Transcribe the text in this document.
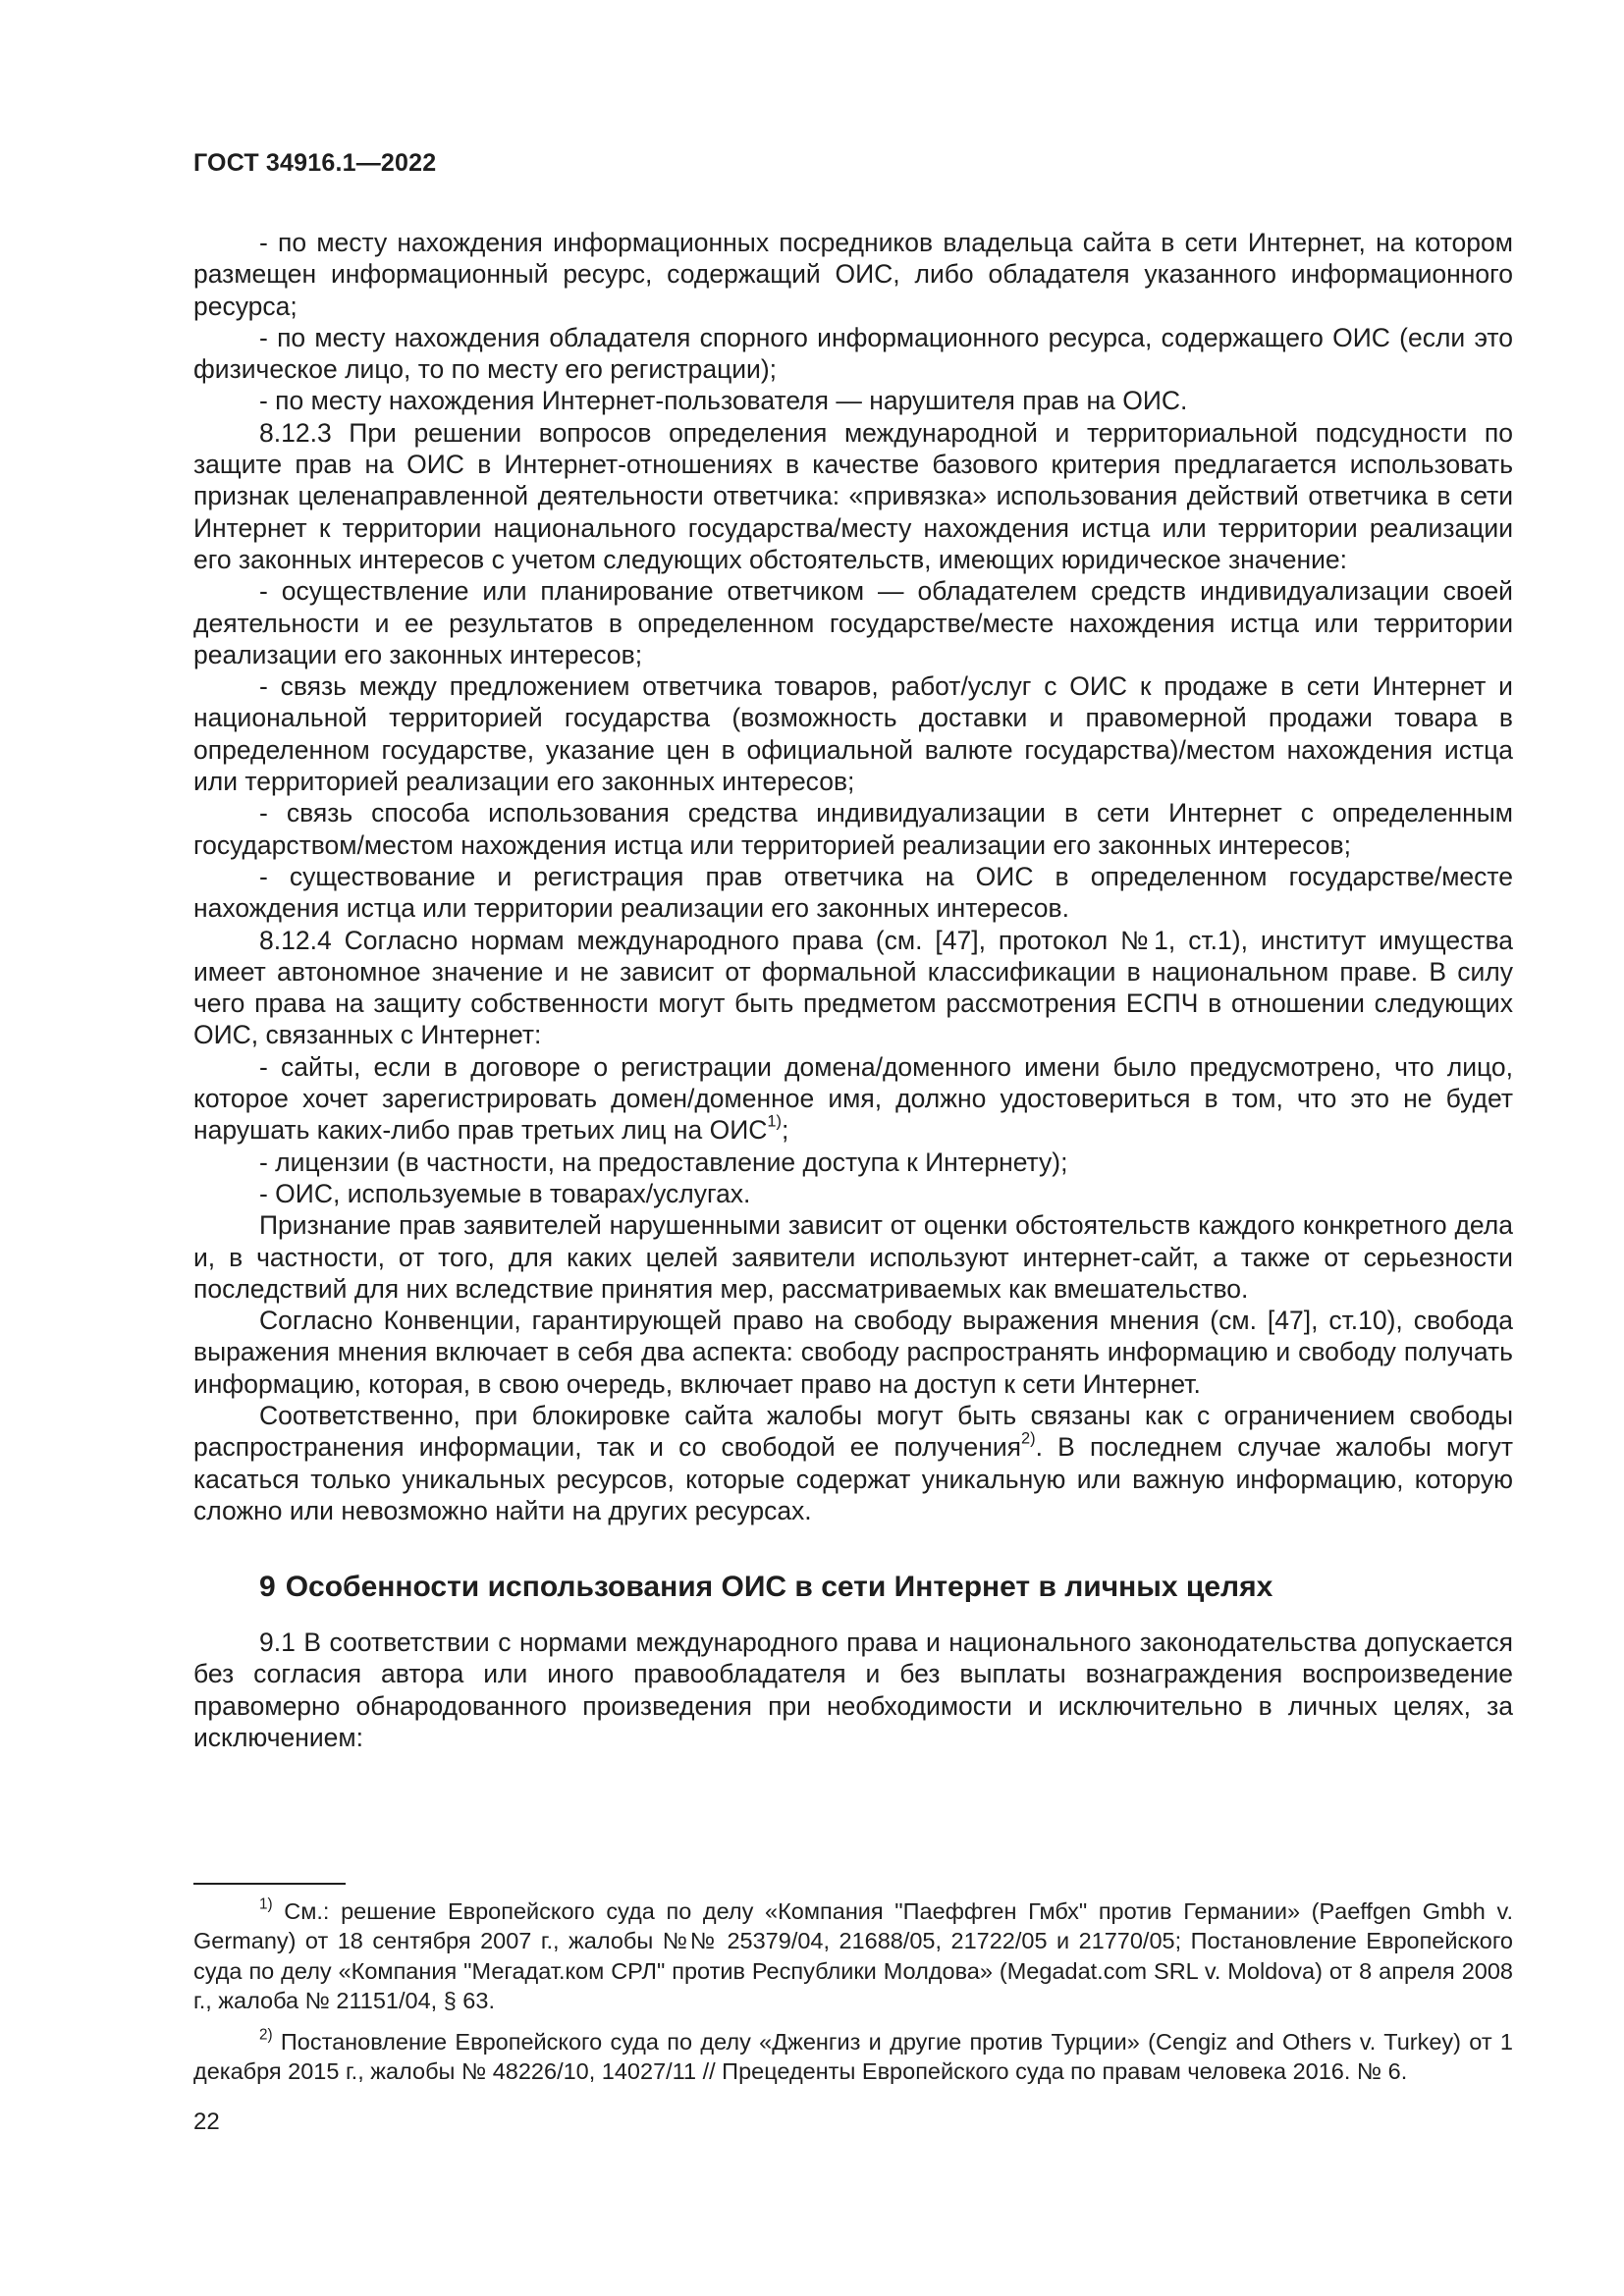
ГОСТ 34916.1—2022

- по месту нахождения информационных посредников владельца сайта в сети Интернет, на котором размещен информационный ресурс, содержащий ОИС, либо обладателя указанного информационного ресурса;

- по месту нахождения обладателя спорного информационного ресурса, содержащего ОИС (если это физическое лицо, то по месту его регистрации);

- по месту нахождения Интернет-пользователя — нарушителя прав на ОИС.

8.12.3 При решении вопросов определения международной и территориальной подсудности по защите прав на ОИС в Интернет-отношениях в качестве базового критерия предлагается использовать признак целенаправленной деятельности ответчика: «привязка» использования действий ответчика в сети Интернет к территории национального государства/месту нахождения истца или территории реализации его законных интересов с учетом следующих обстоятельств, имеющих юридическое значение:

- осуществление или планирование ответчиком — обладателем средств индивидуализации своей деятельности и ее результатов в определенном государстве/месте нахождения истца или территории реализации его законных интересов;

- связь между предложением ответчика товаров, работ/услуг с ОИС к продаже в сети Интернет и национальной территорией государства (возможность доставки и правомерной продажи товара в определенном государстве, указание цен в официальной валюте государства)/местом нахождения истца или территорией реализации его законных интересов;

- связь способа использования средства индивидуализации в сети Интернет с определенным государством/местом нахождения истца или территорией реализации его законных интересов;

- существование и регистрация прав ответчика на ОИС в определенном государстве/месте нахождения истца или территории реализации его законных интересов.

8.12.4 Согласно нормам международного права (см. [47], протокол №1, ст.1), институт имущества имеет автономное значение и не зависит от формальной классификации в национальном праве. В силу чего права на защиту собственности могут быть предметом рассмотрения ЕСПЧ в отношении следующих ОИС, связанных с Интернет:

- сайты, если в договоре о регистрации домена/доменного имени было предусмотрено, что лицо, которое хочет зарегистрировать домен/доменное имя, должно удостовериться в том, что это не будет нарушать каких-либо прав третьих лиц на ОИС$^{1)}$;

- лицензии (в частности, на предоставление доступа к Интернету);

- ОИС, используемые в товарах/услугах.

Признание прав заявителей нарушенными зависит от оценки обстоятельств каждого конкретного дела и, в частности, от того, для каких целей заявители используют интернет-сайт, а также от серьезности последствий для них вследствие принятия мер, рассматриваемых как вмешательство.

Согласно Конвенции, гарантирующей право на свободу выражения мнения (см. [47], ст.10), свобода выражения мнения включает в себя два аспекта: свободу распространять информацию и свободу получать информацию, которая, в свою очередь, включает право на доступ к сети Интернет.

Соответственно, при блокировке сайта жалобы могут быть связаны как с ограничением свободы распространения информации, так и со свободой ее получения$^{2)}$. В последнем случае жалобы могут касаться только уникальных ресурсов, которые содержат уникальную или важную информацию, которую сложно или невозможно найти на других ресурсах.

9 Особенности использования ОИС в сети Интернет в личных целях

9.1 В соответствии с нормами международного права и национального законодательства допускается без согласия автора или иного правообладателя и без выплаты вознаграждения воспроизведение правомерно обнародованного произведения при необходимости и исключительно в личных целях, за исключением:

$^{1)}$ См.: решение Европейского суда по делу «Компания "Паеффген Гмбх" против Германии» (Paeffgen Gmbh v. Germany) от 18 сентября 2007 г., жалобы №№ 25379/04, 21688/05, 21722/05 и 21770/05; Постановление Европейского суда по делу «Компания "Мегадат.ком СРЛ" против Республики Молдова» (Megadat.com SRL v. Moldova) от 8 апреля 2008 г., жалоба № 21151/04, § 63.

$^{2)}$ Постановление Европейского суда по делу «Дженгиз и другие против Турции» (Cengiz and Others v. Turkey) от 1 декабря 2015 г., жалобы № 48226/10, 14027/11 // Прецеденты Европейского суда по правам человека 2016. № 6.

22
